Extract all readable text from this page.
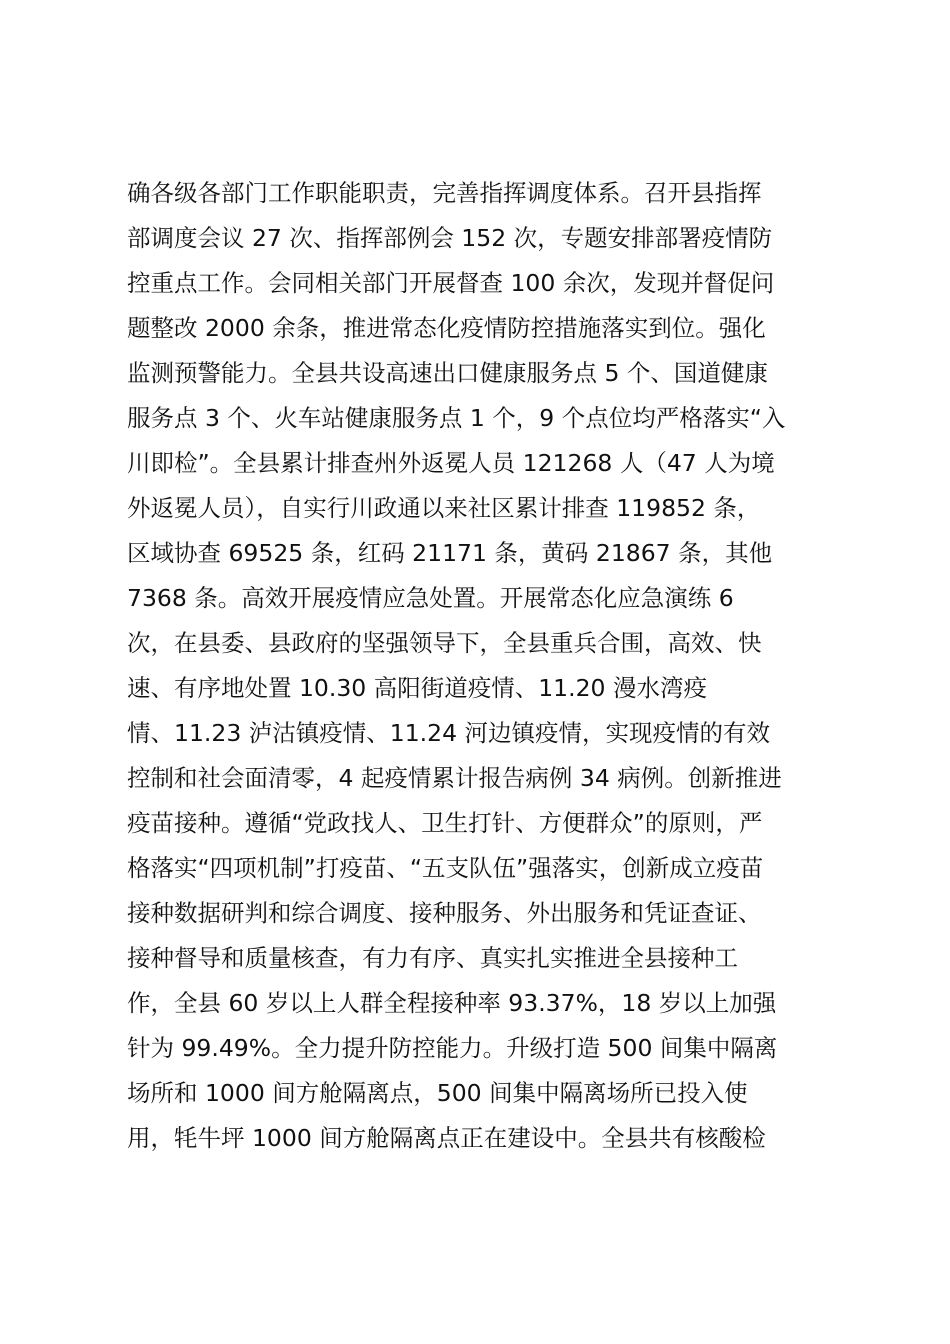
确各级各部门工作职能职责，完善指挥调度体系。召开县指挥
部调度会议 27 次、指挥部例会 152 次，专题安排部署疫情防
控重点工作。会同相关部门开展督查 100 余次，发现并督促问
题整改 2000 余条，推进常态化疫情防控措施落实到位。强化
监测预警能力。全县共设高速出口健康服务点 5 个、国道健康
服务点 3 个、火车站健康服务点 1 个，9 个点位均严格落实“入
川即检”。全县累计排查州外返冕人员 121268 人（47 人为境
外返冕人员），自实行川政通以来社区累计排查 119852 条，
区域协查 69525 条，红码 21171 条，黄码 21867 条，其他
7368 条。高效开展疫情应急处置。开展常态化应急演练 6
次，在县委、县政府的坚强领导下，全县重兵合围，高效、快
速、有序地处置 10.30 高阳街道疫情、11.20 漫水湾疫
情、11.23 泸沽镇疫情、11.24 河边镇疫情，实现疫情的有效
控制和社会面清零，4 起疫情累计报告病例 34 病例。创新推进
疫苗接种。遵循“党政找人、卫生打针、方便群众”的原则，严
格落实“四项机制”打疫苗、“五支队伍”强落实，创新成立疫苗
接种数据研判和综合调度、接种服务、外出服务和凭证查证、
接种督导和质量核查，有力有序、真实扎实推进全县接种工
作，全县 60 岁以上人群全程接种率 93.37%，18 岁以上加强
针为 99.49%。全力提升防控能力。升级打造 500 间集中隔离
场所和 1000 间方舱隔离点，500 间集中隔离场所已投入使
用，牦牛坪 1000 间方舱隔离点正在建设中。全县共有核酸检
